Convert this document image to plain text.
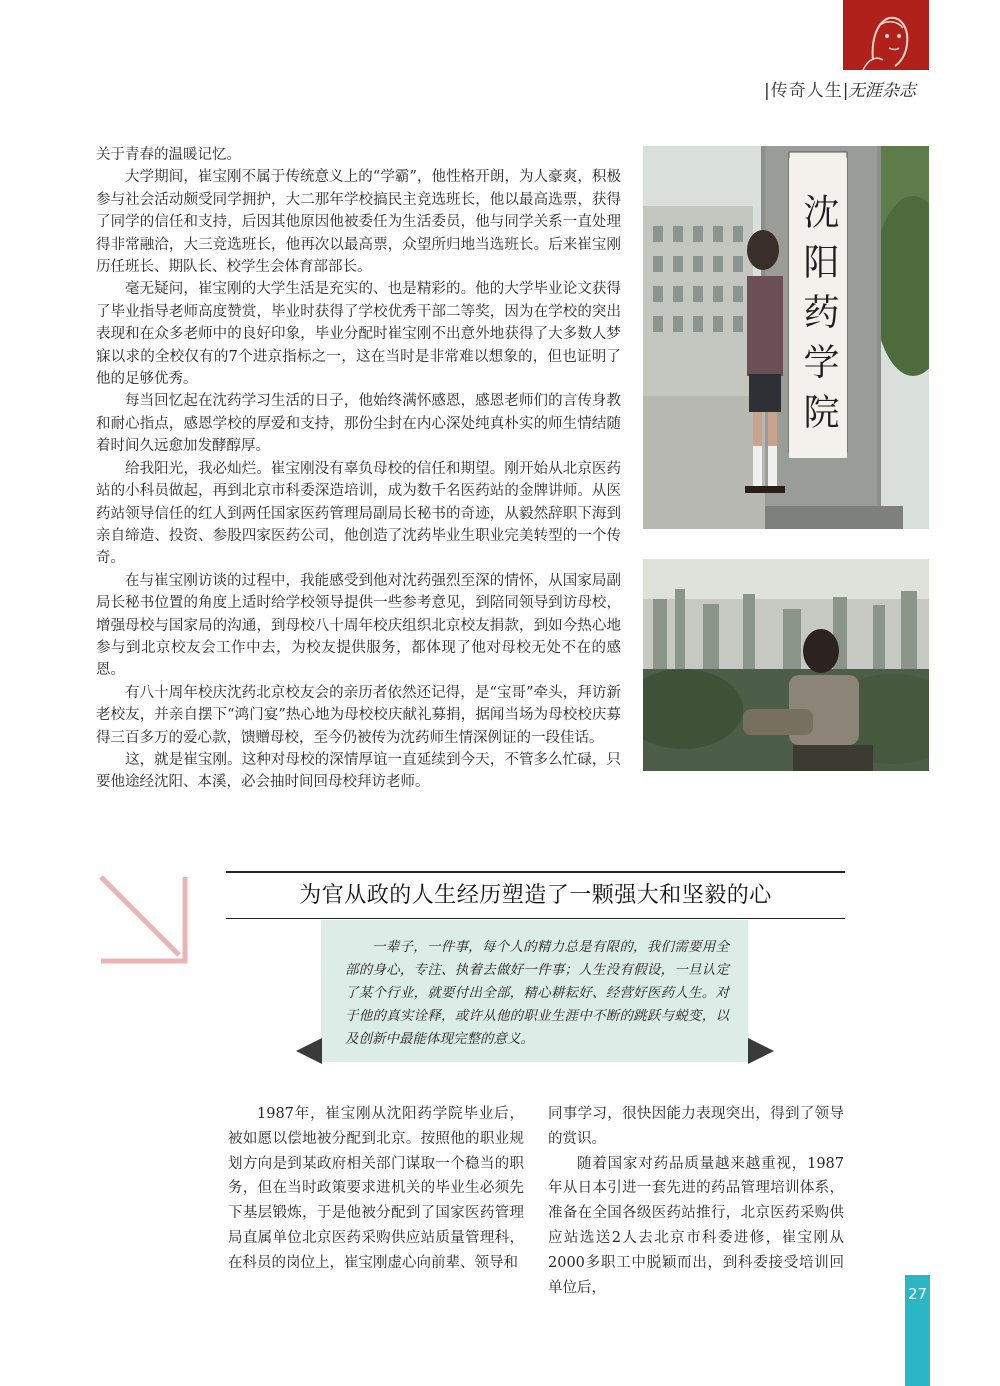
|传奇人生|
无涯杂志

关于青春的温暖记忆。

大学期间，崔宝刚不属于传统意义上的“学霸”，他性格开朗，为人豪爽，积极参与社会活动颇受同学拥护，大二那年学校搞民主竞选班长，他以最高选票，获得了同学的信任和支持，后因其他原因他被委任为生活委员，他与同学关系一直处理得非常融洽，大三竞选班长，他再次以最高票，众望所归地当选班长。后来崔宝刚历任班长、期队长、校学生会体育部部长。

毫无疑问，崔宝刚的大学生活是充实的、也是精彩的。他的大学毕业论文获得了毕业指导老师高度赞赏，毕业时获得了学校优秀干部二等奖，因为在学校的突出表现和在众多老师中的良好印象，毕业分配时崔宝刚不出意外地获得了大多数人梦寐以求的全校仅有的7个进京指标之一，这在当时是非常难以想象的，但也证明了他的足够优秀。

每当回忆起在沈药学习生活的日子，他始终满怀感恩，感恩老师们的言传身教和耐心指点，感恩学校的厚爱和支持，那份尘封在内心深处纯真朴实的师生情结随着时间久远愈加发酵醇厚。

给我阳光，我必灿烂。崔宝刚没有辜负母校的信任和期望。刚开始从北京医药站的小科员做起，再到北京市科委深造培训，成为数千名医药站的金牌讲师。从医药站领导信任的红人到两任国家医药管理局副局长秘书的奇迹，从毅然辞职下海到亲自缔造、投资、参股四家医药公司，他创造了沈药毕业生职业完美转型的一个传奇。

在与崔宝刚访谈的过程中，我能感受到他对沈药强烈至深的情怀，从国家局副局长秘书位置的角度上适时给学校领导提供一些参考意见，到陪同领导到访母校，增强母校与国家局的沟通，到母校八十周年校庆组织北京校友捐款，到如今热心地参与到北京校友会工作中去，为校友提供服务，都体现了他对母校无处不在的感恩。

有八十周年校庆沈药北京校友会的亲历者依然还记得，是“宝哥”牵头，拜访新老校友，并亲自摆下“鸿门宴”热心地为母校校庆献礼募捐，据闻当场为母校校庆募得三百多万的爱心款，馈赠母校，至今仍被传为沈药师生情深例证的一段佳话。

这，就是崔宝刚。这种对母校的深情厚谊一直延续到今天，不管多么忙碌，只要他途经沈阳、本溪，必会抽时间回母校拜访老师。

沈阳药学院
为官从政的人生经历塑造了一颗强大和坚毅的心
一辈子，一件事，每个人的精力总是有限的，我们需要用全部的身心，专注、执着去做好一件事；人生没有假设，一旦认定了某个行业，就要付出全部，精心耕耘好、经营好医药人生。对于他的真实诠释，或许从他的职业生涯中不断的跳跃与蜕变，以及创新中最能体现完整的意义。

1987年，崔宝刚从沈阳药学院毕业后，被如愿以偿地被分配到北京。按照他的职业规划方向是到某政府相关部门谋取一个稳当的职务，但在当时政策要求进机关的毕业生必须先下基层锻炼，于是他被分配到了国家医药管理局直属单位北京医药采购供应站质量管理科，在科员的岗位上，崔宝刚虚心向前辈、领导和

同事学习，很快因能力表现突出，得到了领导的赏识。

随着国家对药品质量越来越重视，1987年从日本引进一套先进的药品管理培训体系，准备在全国各级医药站推行，北京医药采购供应站选送2人去北京市科委进修，崔宝刚从2000多职工中脱颖而出，到科委接受培训回单位后，	27
